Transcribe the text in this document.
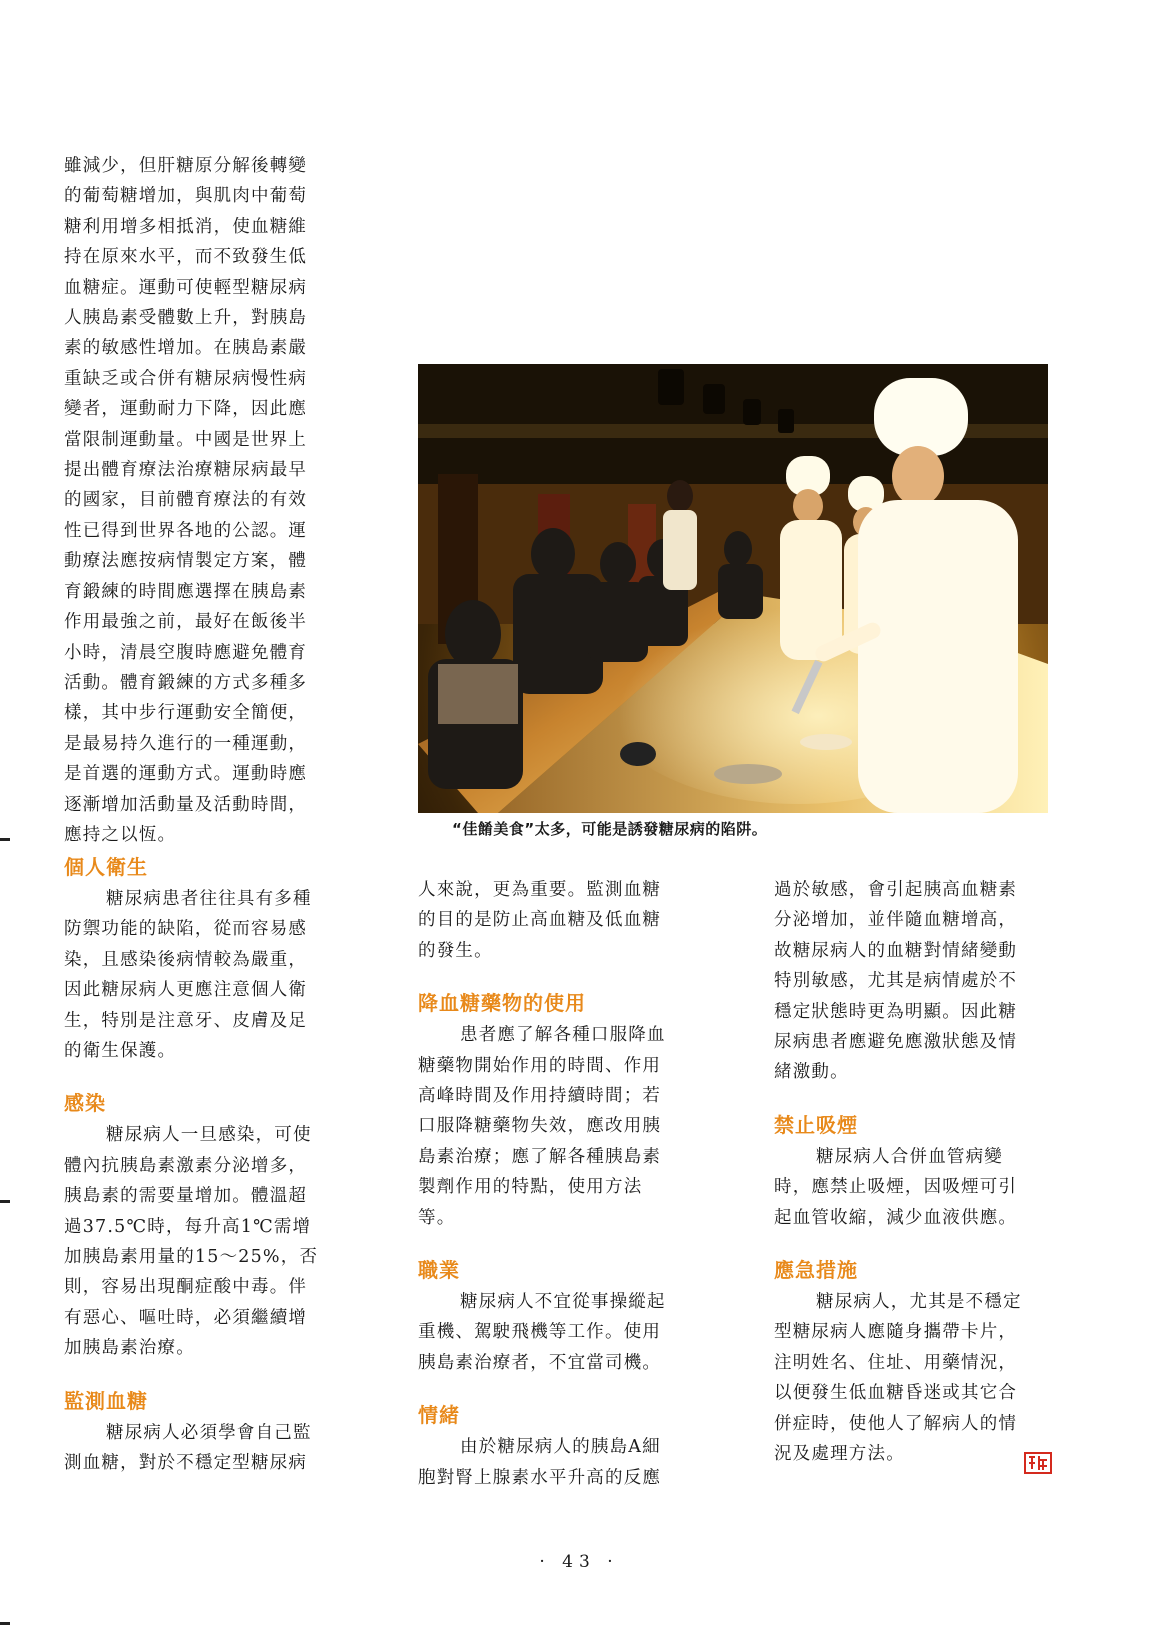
雖減少，但肝糖原分解後轉變
的葡萄糖增加，與肌肉中葡萄
糖利用增多相抵消，使血糖維
持在原來水平，而不致發生低
血糖症。運動可使輕型糖尿病
人胰島素受體數上升，對胰島
素的敏感性增加。在胰島素嚴
重缺乏或合併有糖尿病慢性病
變者，運動耐力下降，因此應
當限制運動量。中國是世界上
提出體育療法治療糖尿病最早
的國家，目前體育療法的有效
性已得到世界各地的公認。運
動療法應按病情製定方案，體
育鍛練的時間應選擇在胰島素
作用最強之前，最好在飯後半
小時，清晨空腹時應避免體育
活動。體育鍛練的方式多種多
樣，其中步行運動安全簡便，
是最易持久進行的一種運動，
是首選的運動方式。運動時應
逐漸增加活動量及活動時間，
應持之以恆。	“佳餚美食”太多，可能是誘發糖尿病的陷阱。
個人衛生

糖尿病患者往往具有多種
防禦功能的缺陷，從而容易感
染，且感染後病情較為嚴重，
因此糖尿病人更應注意個人衛
生，特別是注意牙、皮膚及足
的衛生保護。

感染

糖尿病人一旦感染，可使
體內抗胰島素激素分泌增多，
胰島素的需要量增加。體溫超
過37.5℃時，每升高1℃需增
加胰島素用量的15～25%，否
則，容易出現酮症酸中毒。伴
有惡心、嘔吐時，必須繼續增
加胰島素治療。

監測血糖

糖尿病人必須學會自己監
測血糖，對於不穩定型糖尿病

人來說，更為重要。監測血糖
的目的是防止高血糖及低血糖
的發生。

降血糖藥物的使用

患者應了解各種口服降血
糖藥物開始作用的時間、作用
高峰時間及作用持續時間；若
口服降糖藥物失效，應改用胰
島素治療；應了解各種胰島素
製劑作用的特點，使用方法
等。

職業

糖尿病人不宜從事操縱起
重機、駕駛飛機等工作。使用
胰島素治療者，不宜當司機。

情緒

由於糖尿病人的胰島A細
胞對腎上腺素水平升高的反應

過於敏感，會引起胰高血糖素
分泌增加，並伴隨血糖增高，
故糖尿病人的血糖對情緒變動
特別敏感，尤其是病情處於不
穩定狀態時更為明顯。因此糖
尿病患者應避免應激狀態及情
緒激動。

禁止吸煙

糖尿病人合併血管病變
時，應禁止吸煙，因吸煙可引
起血管收縮，減少血液供應。

應急措施

糖尿病人，尤其是不穩定
型糖尿病人應隨身攜帶卡片，
注明姓名、住址、用藥情況，
以便發生低血糖昏迷或其它合
併症時，使他人了解病人的情
況及處理方法。

· 43 ·
